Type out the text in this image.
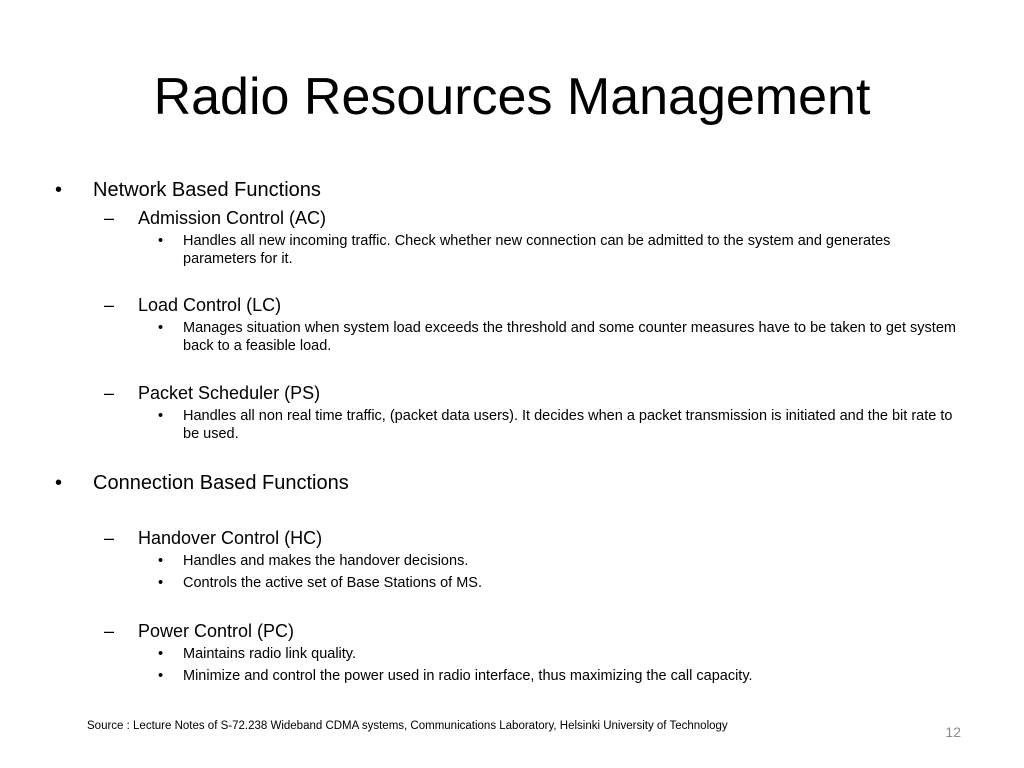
Radio Resources Management
• Network Based Functions
– Admission Control (AC)
• Handles all new incoming traffic. Check whether new connection can be admitted to the system and generates parameters for it.
– Load Control (LC)
• Manages situation when system load exceeds the threshold and some counter measures have to be taken to get system back to a feasible load.
– Packet Scheduler (PS)
• Handles all non real time traffic, (packet data users). It decides when a packet transmission is initiated and the bit rate to be used.
• Connection Based Functions
– Handover Control (HC)
• Handles and makes the handover decisions.
• Controls the active set of Base Stations of MS.
– Power Control (PC)
• Maintains radio link quality.
• Minimize and control the power used in radio interface, thus maximizing the call capacity.
Source : Lecture Notes of S-72.238 Wideband CDMA systems, Communications Laboratory, Helsinki University of Technology	12
